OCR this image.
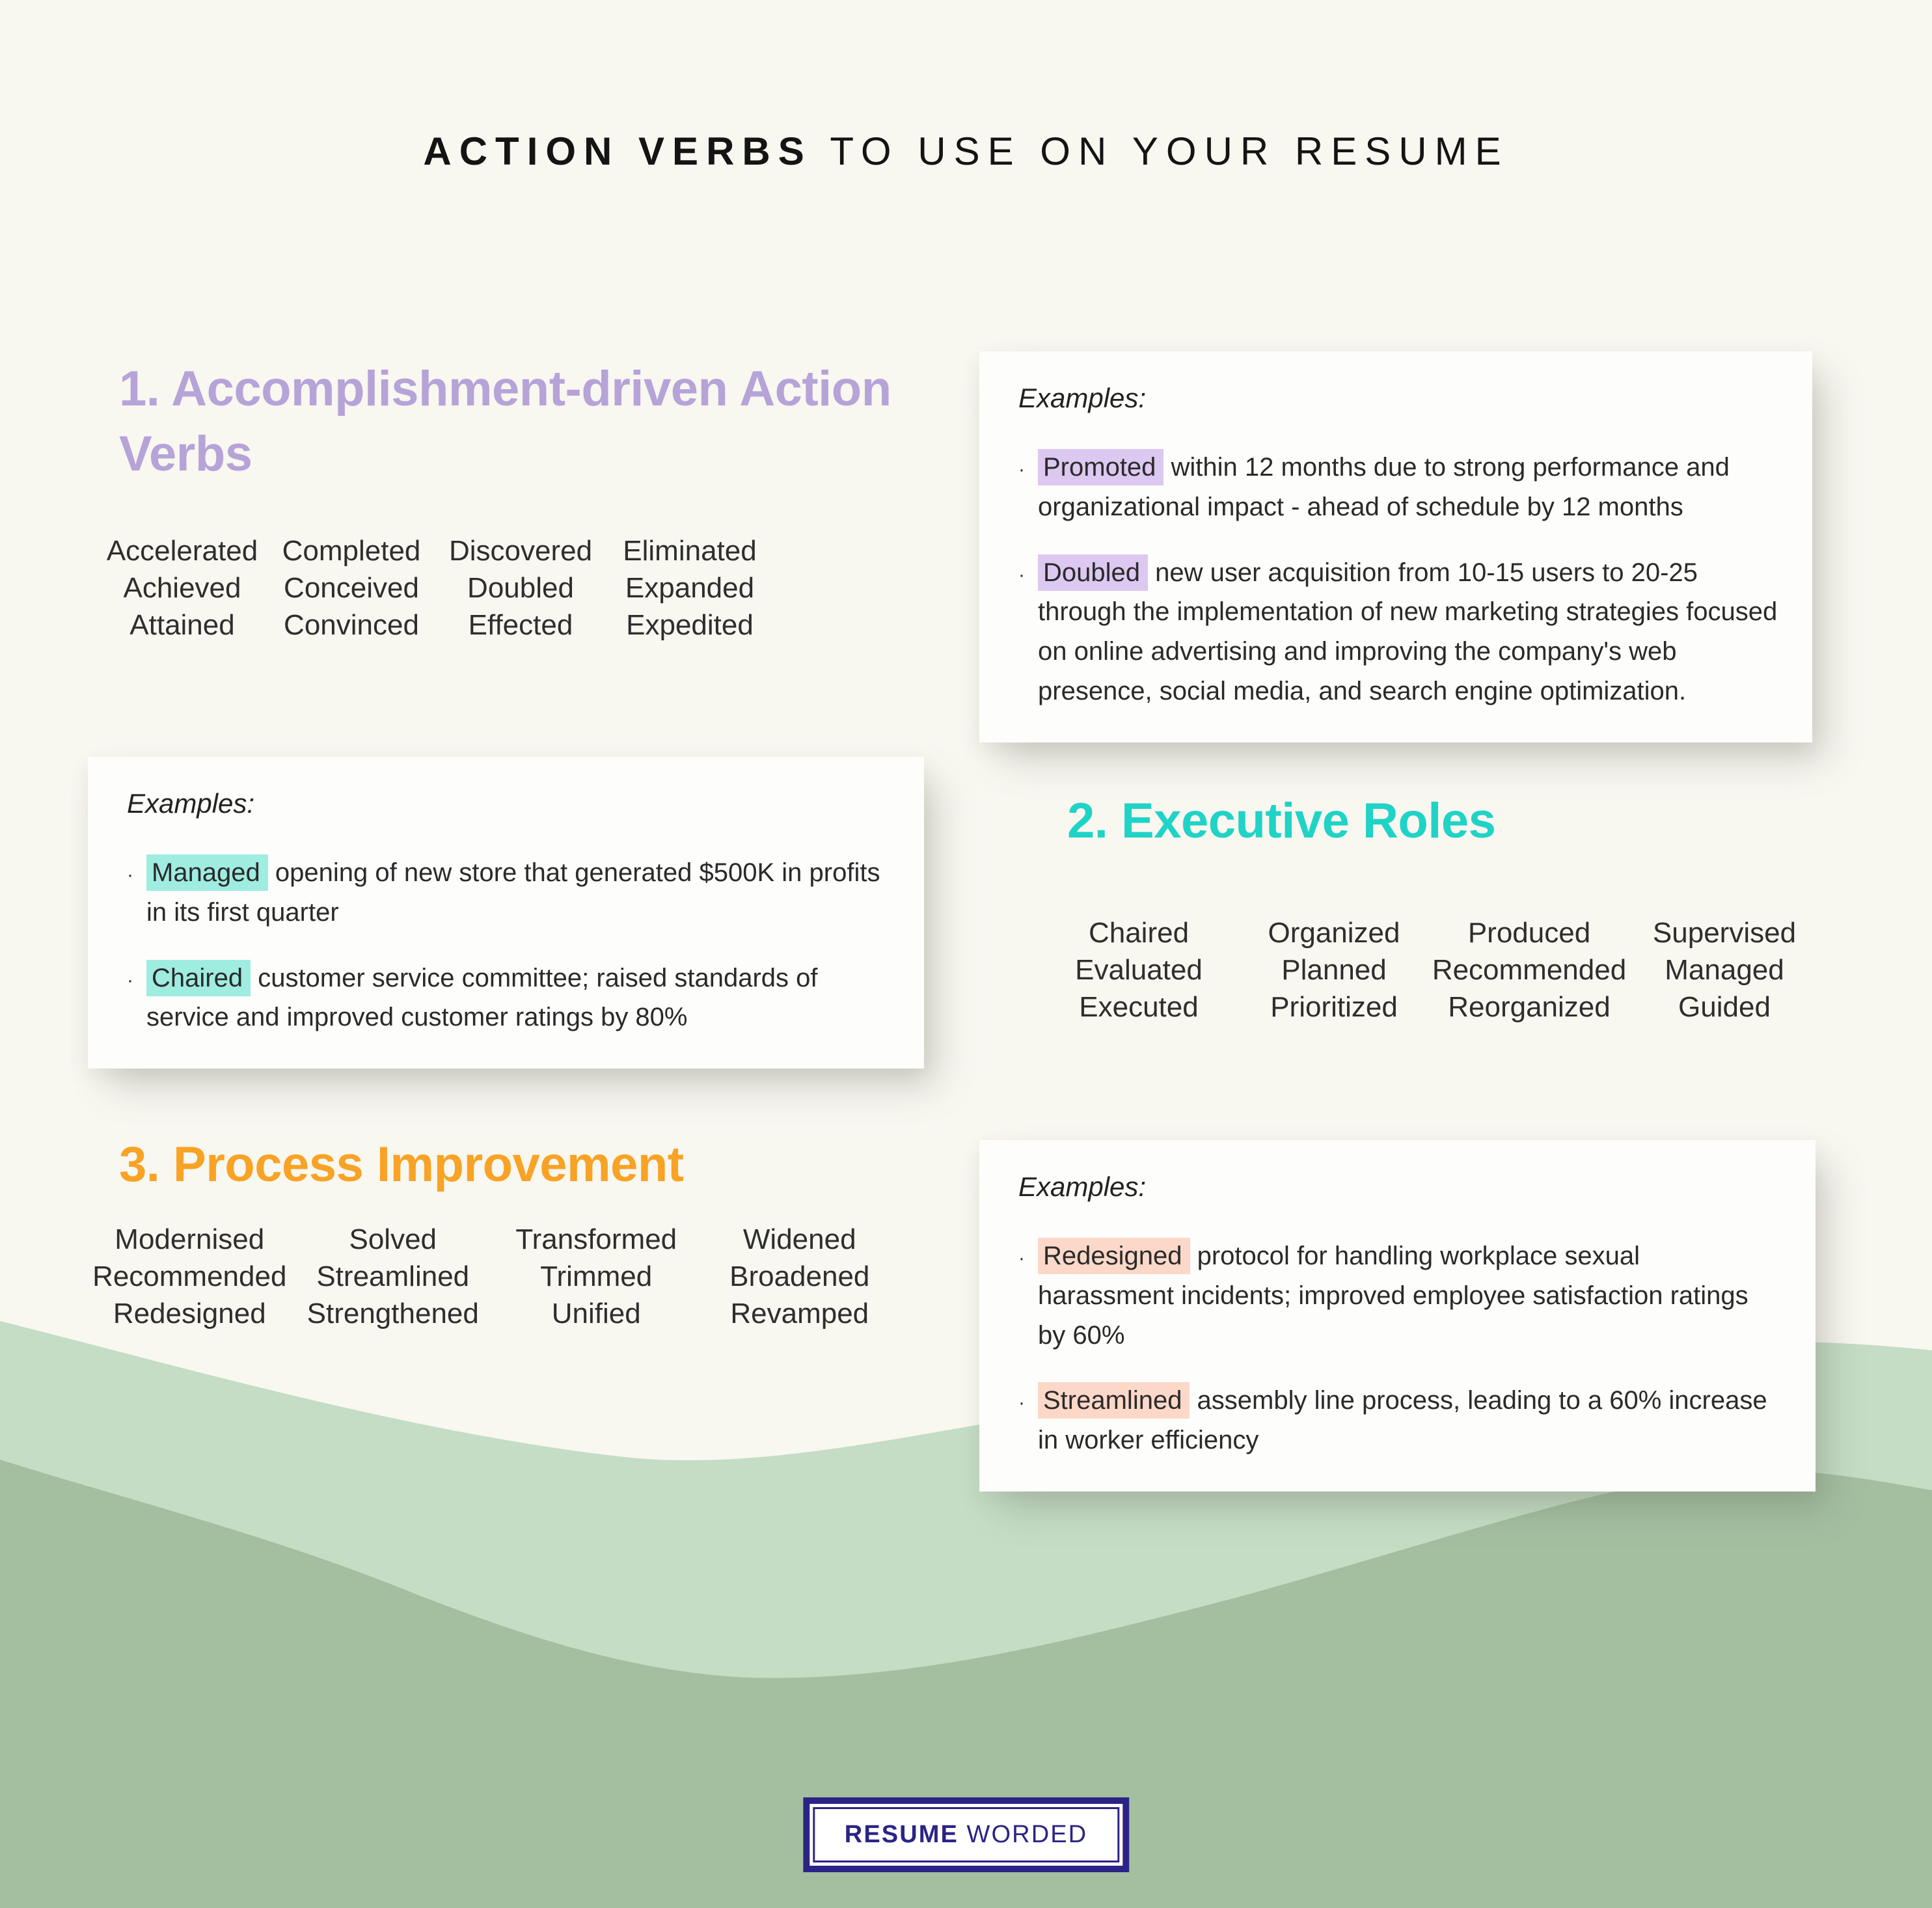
ACTION VERBS TO USE ON YOUR RESUME
1. Accomplishment-driven Action Verbs
Accelerated
Achieved
Attained
Completed
Conceived
Convinced
Discovered
Doubled
Effected
Eliminated
Expanded
Expedited

Examples:

· Promoted within 12 months due to strong performance and organizational impact - ahead of schedule by 12 months

· Doubled new user acquisition from 10-15 users to 20-25 through the implementation of new marketing strategies focused on online advertising and improving the company's web presence, social media, and search engine optimization.

Examples:

· Managed opening of new store that generated $500K in profits in its first quarter

· Chaired customer service committee; raised standards of service and improved customer ratings by 80%

2. Executive Roles
Chaired
Evaluated
Executed
Organized
Planned
Prioritized
Produced
Recommended
Reorganized
Supervised
Managed
Guided
3. Process Improvement
Modernised
Recommended
Redesigned
Solved
Streamlined
Strengthened
Transformed
Trimmed
Unified
Widened
Broadened
Revamped

Examples:

· Redesigned protocol for handling workplace sexual harassment incidents; improved employee satisfaction ratings by 60%

· Streamlined assembly line process, leading to a 60% increase in worker efficiency

RESUME WORDED
